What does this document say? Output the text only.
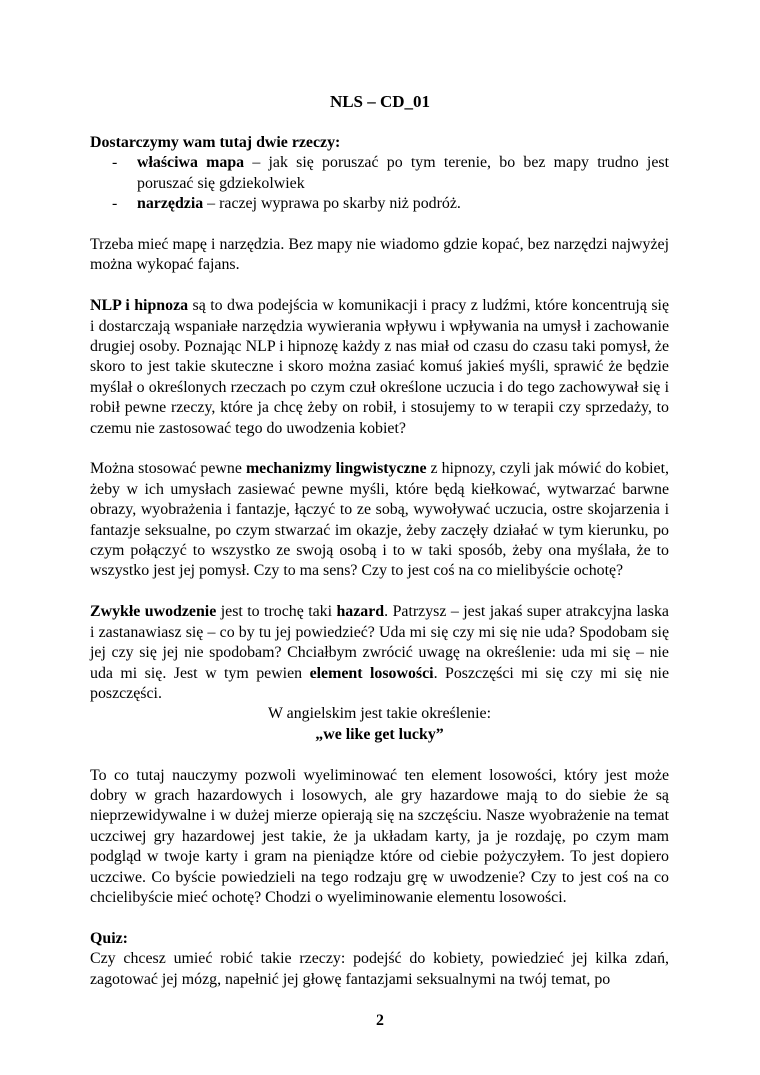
NLS – CD_01

Dostarczymy wam tutaj dwie rzeczy:

- właściwa mapa – jak się poruszać po tym terenie, bo bez mapy trudno jest poruszać się gdziekolwiek
- narzędzia – raczej wyprawa po skarby niż podróż.

Trzeba mieć mapę i narzędzia. Bez mapy nie wiadomo gdzie kopać, bez narzędzi najwyżej można wykopać fajans.

NLP i hipnoza są to dwa podejścia w komunikacji i pracy z ludźmi, które koncentrują się i dostarczają wspaniałe narzędzia wywierania wpływu i wpływania na umysł i zachowanie drugiej osoby. Poznając NLP i hipnozę każdy z nas miał od czasu do czasu taki pomysł, że skoro to jest takie skuteczne i skoro można zasiać komuś jakieś myśli, sprawić że będzie myślał o określonych rzeczach po czym czuł określone uczucia i do tego zachowywał się i robił pewne rzeczy, które ja chcę żeby on robił, i stosujemy to w terapii czy sprzedaży, to czemu nie zastosować tego do uwodzenia kobiet?

Można stosować pewne mechanizmy lingwistyczne z hipnozy, czyli jak mówić do kobiet, żeby w ich umysłach zasiewać pewne myśli, które będą kiełkować, wytwarzać barwne obrazy, wyobrażenia i fantazje, łączyć to ze sobą, wywoływać uczucia, ostre skojarzenia i fantazje seksualne, po czym stwarzać im okazje, żeby zaczęły działać w tym kierunku, po czym połączyć to wszystko ze swoją osobą i to w taki sposób, żeby ona myślała, że to wszystko jest jej pomysł. Czy to ma sens? Czy to jest coś na co mielibyście ochotę?

Zwykłe uwodzenie jest to trochę taki hazard. Patrzysz – jest jakaś super atrakcyjna laska i zastanawiasz się – co by tu jej powiedzieć? Uda mi się czy mi się nie uda? Spodobam się jej czy się jej nie spodobam? Chciałbym zwrócić uwagę na określenie: uda mi się – nie uda mi się. Jest w tym pewien element losowości. Poszczęści mi się czy mi się nie poszczęści.

W angielskim jest takie określenie:

„we like get lucky”

To co tutaj nauczymy pozwoli wyeliminować ten element losowości, który jest może dobry w grach hazardowych i losowych, ale gry hazardowe mają to do siebie że są nieprzewidywalne i w dużej mierze opierają się na szczęściu. Nasze wyobrażenie na temat uczciwej gry hazardowej jest takie, że ja układam karty, ja je rozdaję, po czym mam podgląd w twoje karty i gram na pieniądze które od ciebie pożyczyłem. To jest dopiero uczciwe. Co byście powiedzieli na tego rodzaju grę w uwodzenie? Czy to jest coś na co chcielibyście mieć ochotę? Chodzi o wyeliminowanie elementu losowości.

Quiz:

Czy chcesz umieć robić takie rzeczy: podejść do kobiety, powiedzieć jej kilka zdań, zagotować jej mózg, napełnić jej głowę fantazjami seksualnymi na twój temat, po

2
